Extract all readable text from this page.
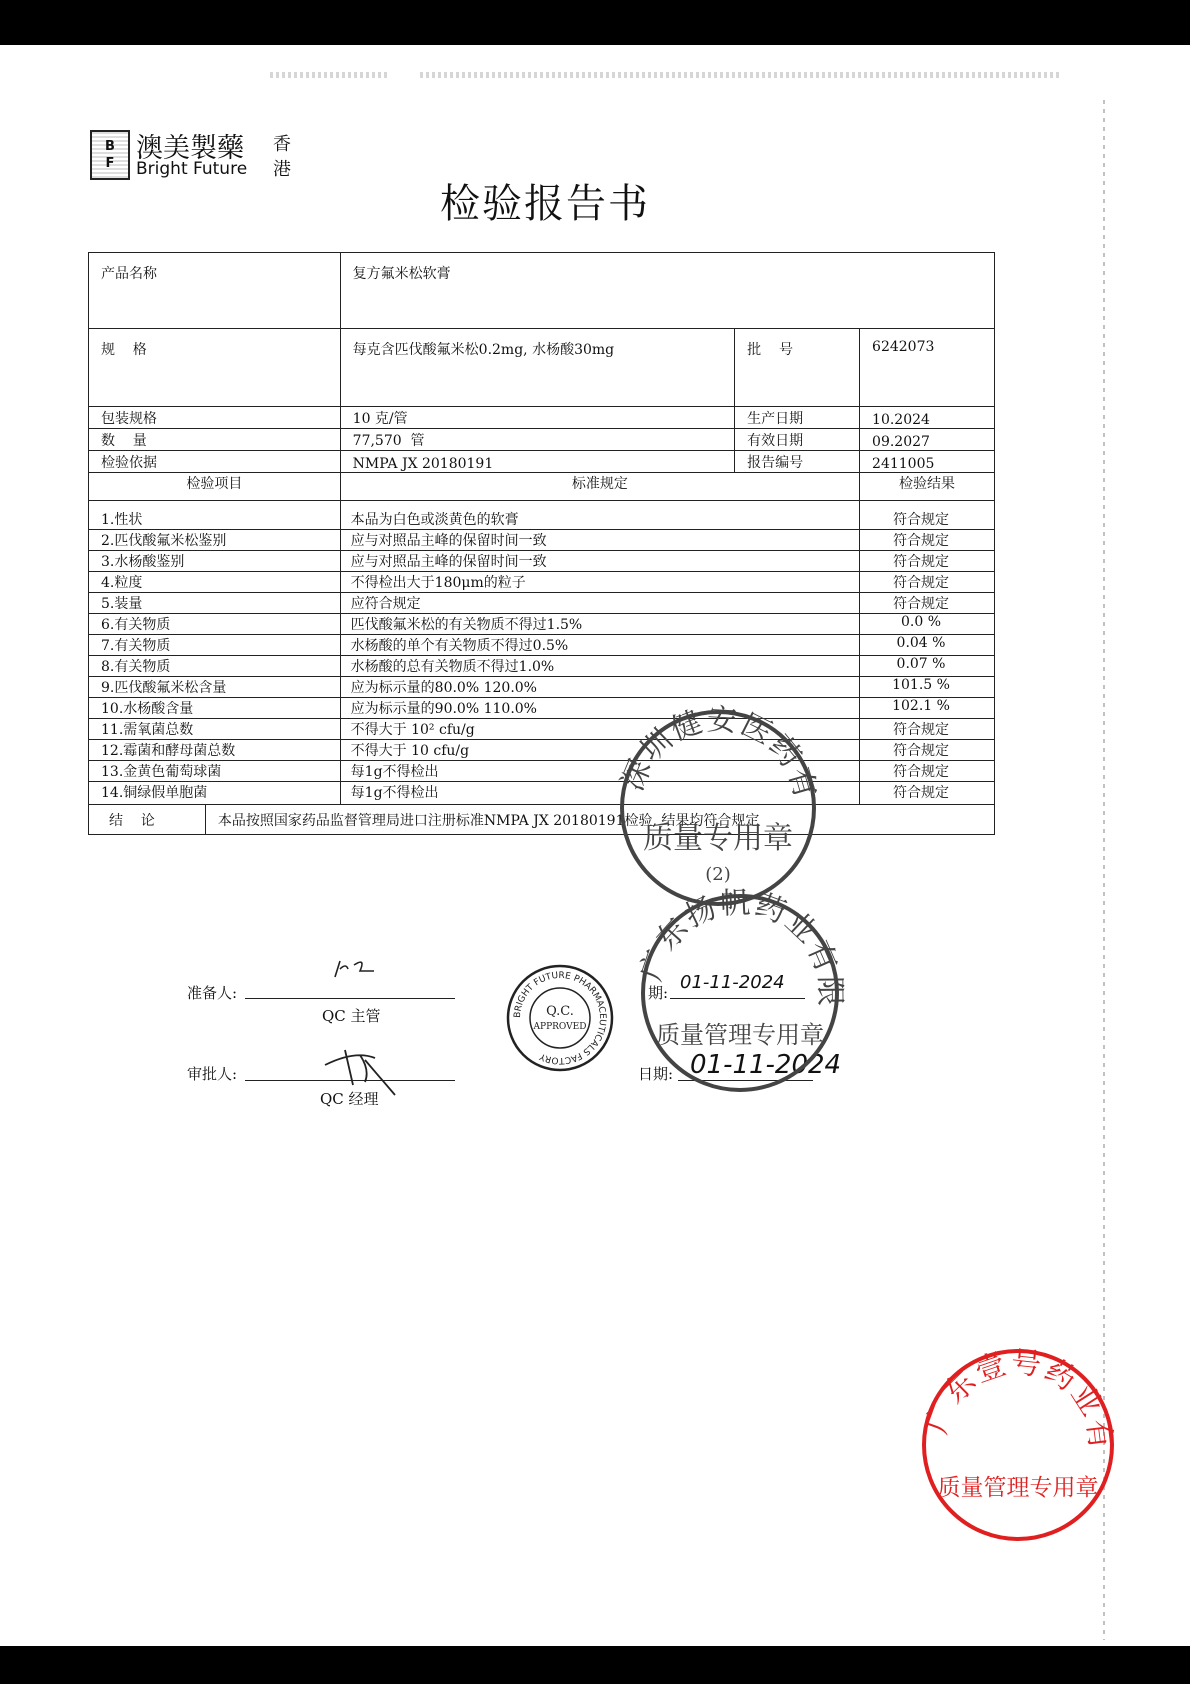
B
F 澳美製藥
Bright Future
香
港
检验报告书
产品名称		复方氟米松软膏		
规    格		每克含匹伐酸氟米松0.2mg, 水杨酸30mg	批    号	6242073
包装规格		10 克/管	生产日期	10.2024
数    量		77,570  管	有效日期	09.2027
检验依据		NMPA JX 20180191	报告编号	2411005
检验项目		标准规定		检验结果
1.性状		本品为白色或淡黄色的软膏		符合规定
2.匹伐酸氟米松鉴别		应与对照品主峰的保留时间一致		符合规定
3.水杨酸鉴别		应与对照品主峰的保留时间一致		符合规定
4.粒度		不得检出大于180μm的粒子		符合规定
5.装量		应符合规定		符合规定
6.有关物质		匹伐酸氟米松的有关物质不得过1.5%		0.0 %
7.有关物质		水杨酸的单个有关物质不得过0.5%		0.04 %
8.有关物质		水杨酸的总有关物质不得过1.0%		0.07 %
9.匹伐酸氟米松含量		应为标示量的80.0% 120.0%		101.5 %
10.水杨酸含量		应为标示量的90.0% 110.0%		102.1 %
11.需氧菌总数		不得大于 10² cfu/g		符合规定
12.霉菌和酵母菌总数		不得大于 10 cfu/g		符合规定
13.金黄色葡萄球菌		每1g不得检出		符合规定
14.铜绿假单胞菌		每1g不得检出		符合规定
结    论	本品按照国家药品监督管理局进口注册标准NMPA JX 20180191检验, 结果均符合规定			
准备人:
QC 主管
审批人:
QC 经理
期: 01-11-2024
日期: 01-11-2024
BRIGHT FUTURE PHARMACEUTICALS FACTORY
Q.C.
APPROVED
深圳健安医药有限公司
质量专用章
(2)
广东扬帆药业有限公司
质量管理专用章
广东壹号药业有限公司
质量管理专用章
